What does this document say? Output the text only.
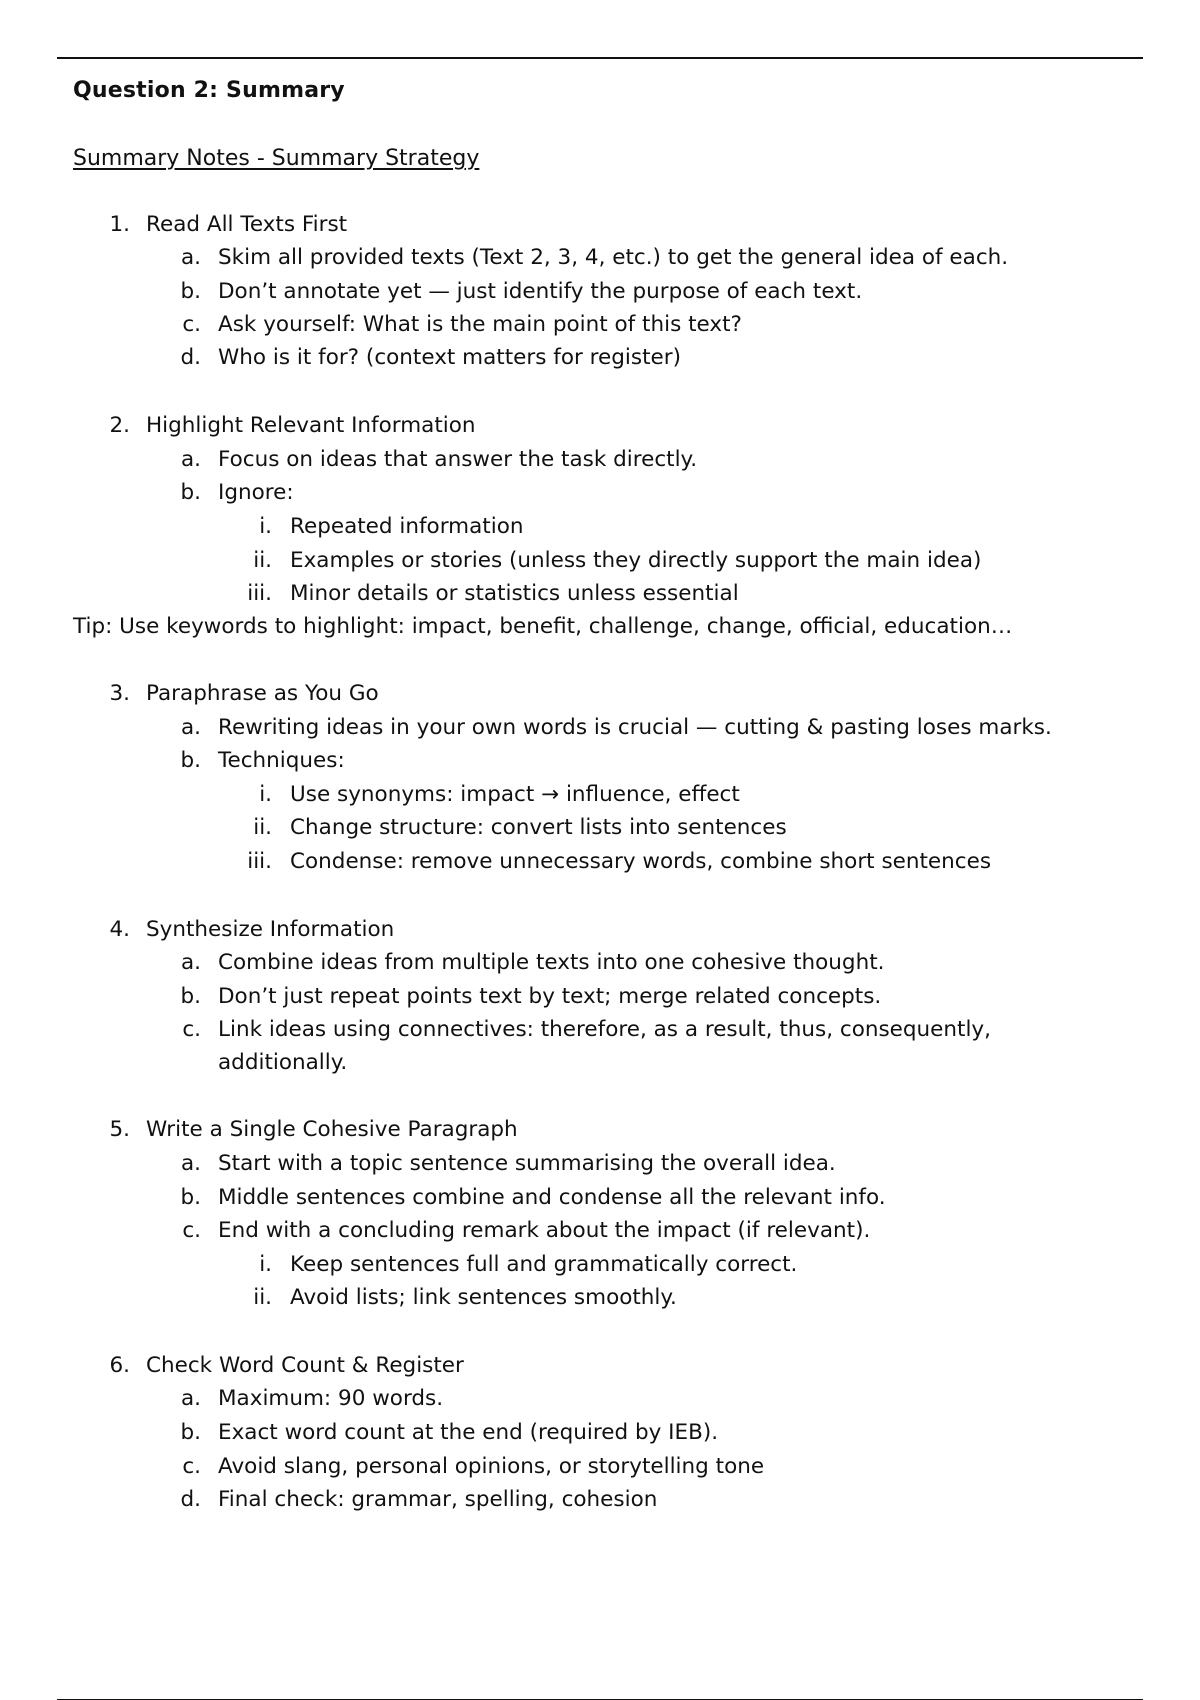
Question 2: Summary
Summary Notes - Summary Strategy
1. Read All Texts First
a. Skim all provided texts (Text 2, 3, 4, etc.) to get the general idea of each.
b. Don’t annotate yet — just identify the purpose of each text.
c. Ask yourself: What is the main point of this text?
d. Who is it for? (context matters for register)
2. Highlight Relevant Information
a. Focus on ideas that answer the task directly.
b. Ignore:
i. Repeated information
ii. Examples or stories (unless they directly support the main idea)
iii. Minor details or statistics unless essential
Tip: Use keywords to highlight: impact, benefit, challenge, change, official, education…
3. Paraphrase as You Go
a. Rewriting ideas in your own words is crucial — cutting & pasting loses marks.
b. Techniques:
i. Use synonyms: impact → influence, effect
ii. Change structure: convert lists into sentences
iii. Condense: remove unnecessary words, combine short sentences
4. Synthesize Information
a. Combine ideas from multiple texts into one cohesive thought.
b. Don’t just repeat points text by text; merge related concepts.
c. Link ideas using connectives: therefore, as a result, thus, consequently,
additionally.
5. Write a Single Cohesive Paragraph
a. Start with a topic sentence summarising the overall idea.
b. Middle sentences combine and condense all the relevant info.
c. End with a concluding remark about the impact (if relevant).
i. Keep sentences full and grammatically correct.
ii. Avoid lists; link sentences smoothly.
6. Check Word Count & Register
a. Maximum: 90 words.
b. Exact word count at the end (required by IEB).
c. Avoid slang, personal opinions, or storytelling tone
d. Final check: grammar, spelling, cohesion
